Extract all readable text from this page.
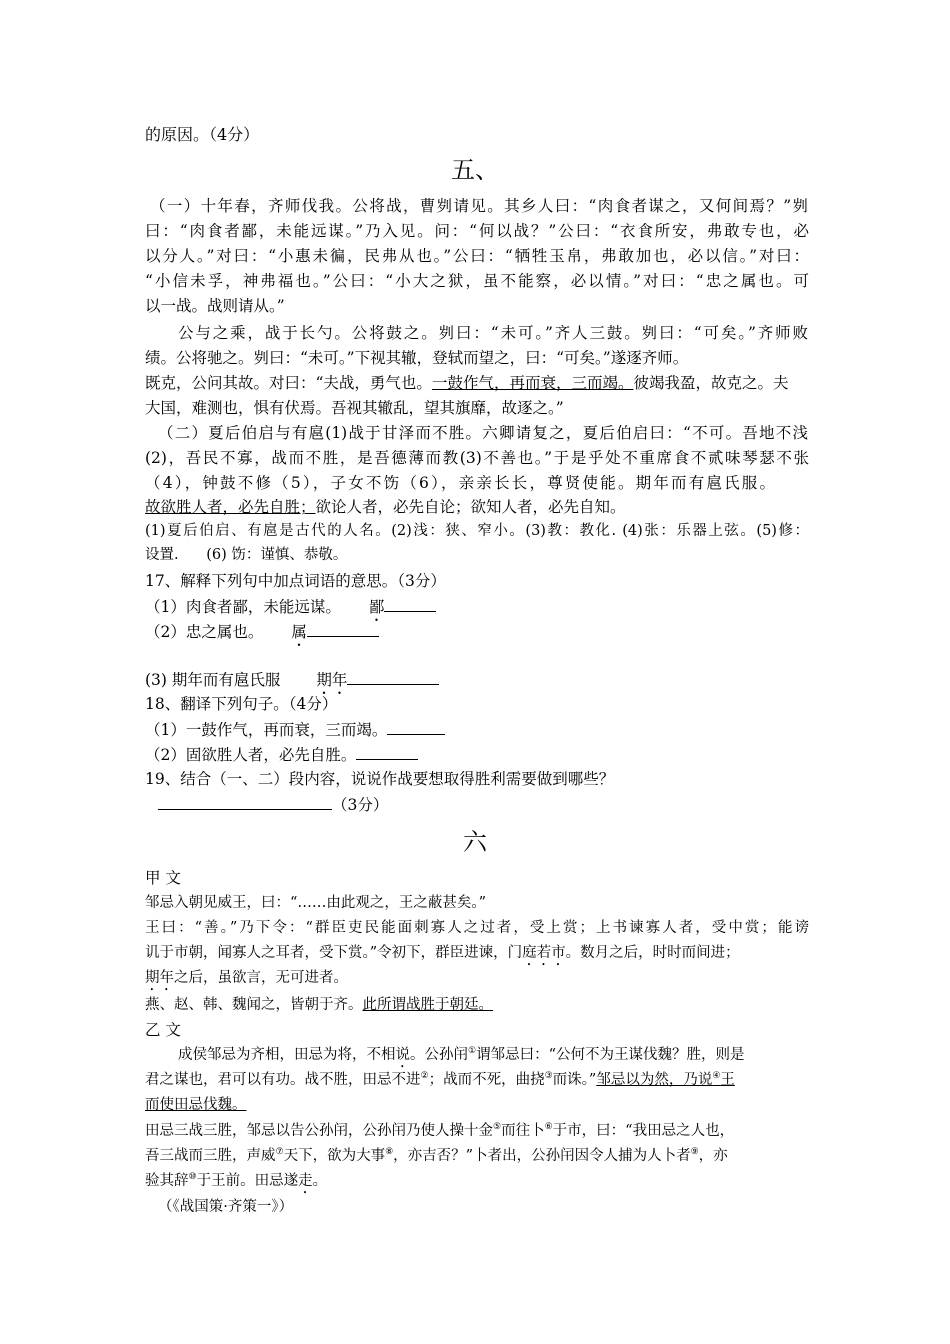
的原因。（4分）
五、
（一）十年春，齐师伐我。公将战，曹刿请见。其乡人曰：“肉食者谋之，又何间焉？”刿
曰：“肉食者鄙，未能远谋。”乃入见。问：“何以战？”公曰：“衣食所安，弗敢专也，必
以分人。”对曰：“小惠未徧，民弗从也。”公曰：“牺牲玉帛，弗敢加也，必以信。”对曰：
“小信未孚，神弗福也。”公曰：“小大之狱，虽不能察，必以情。”对曰：“忠之属也。可
以一战。战则请从。”
公与之乘，战于长勺。公将鼓之。刿曰：“未可。”齐人三鼓。刿曰：“可矣。”齐师败
绩。公将驰之。刿曰：“未可。”下视其辙，登轼而望之，曰：“可矣。”遂逐齐师。
既克，公问其故。对曰：“夫战，勇气也。一鼓作气，再而衰，三而竭。彼竭我盈，故克之。夫
大国，难测也，惧有伏焉。吾视其辙乱，望其旗靡，故逐之。”
（二）夏后伯启与有扈(1)战于甘泽而不胜。六卿请复之，夏后伯启曰：“不可。吾地不浅
(2)，吾民不寡，战而不胜，是吾德薄而教(3)不善也。”于是乎处不重席食不贰味琴瑟不张
（4），钟鼓不修（5），子女不饬（6），亲亲长长，尊贤使能。期年而有扈氏服。
故欲胜人者，必先自胜；欲论人者，必先自论；欲知人者，必先自知。
(1)夏后伯启、有扈是古代的人名。(2)浅：狭、窄小。(3)教：教化. (4)张：乐器上弦。(5)修：
设置.      (6) 饬：谨慎、恭敬。
17、解释下列句中加点词语的意思。（3分）
（1）肉食者鄙，未能远谋。 鄙
（2）忠之属也。 属
(3) 期年而有扈氏服 期年
18、翻译下列句子。（4分）
（1）一鼓作气，再而衰，三而竭。
（2）固欲胜人者，必先自胜。
19、结合（一、二）段内容，说说作战要想取得胜利需要做到哪些？
（3分）
六
甲 文
邹忌入朝见威王，曰：“……由此观之，王之蔽甚矣。”
王曰：“善。”乃下令：“群臣吏民能面刺寡人之过者，受上赏；上书谏寡人者，受中赏；能谤
讥于市朝，闻寡人之耳者，受下赏。”令初下，群臣进谏，门庭若市。数月之后，时时而间进；
期年之后，虽欲言，无可进者。
燕、赵、韩、魏闻之，皆朝于齐。此所谓战胜于朝廷。
乙 文
成侯邹忌为齐相，田忌为将，不相说。公孙闬①谓邹忌曰：“公何不为王谋伐魏？胜，则是
君之谋也，君可以有功。战不胜，田忌不进②；战而不死，曲挠③而诛。”邹忌以为然，乃说④王
而使田忌伐魏。
田忌三战三胜，邹忌以告公孙闬，公孙闬乃使人操十金⑤而往卜⑥于市，曰：“我田忌之人也，
吾三战而三胜，声威⑦天下，欲为大事⑧，亦吉否？”卜者出，公孙闬因令人捕为人卜者⑨，亦
验其辞⑩于王前。田忌遂走。
（《战国策·齐策一》）
